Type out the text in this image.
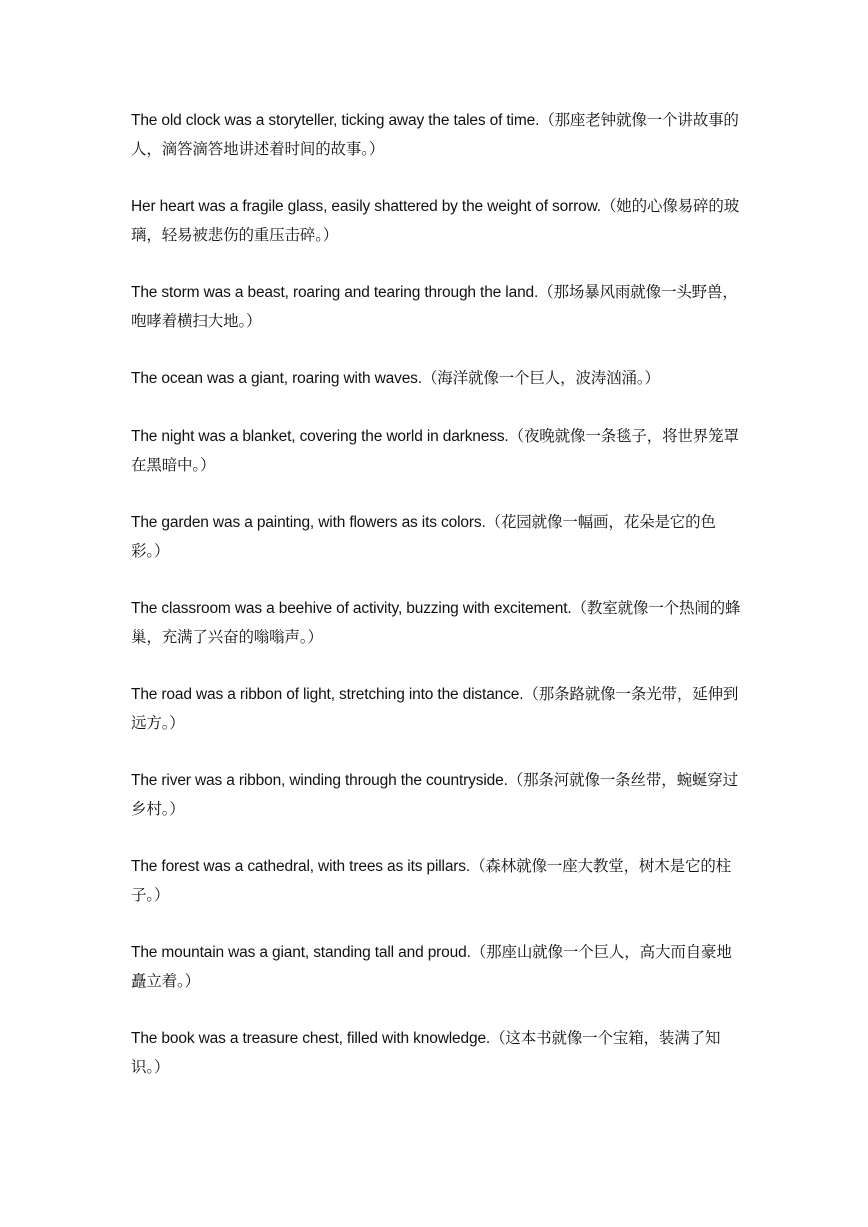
The old clock was a storyteller, ticking away the tales of time.（那座老钟就像一个讲故事的人，滴答滴答地讲述着时间的故事。）

Her heart was a fragile glass, easily shattered by the weight of sorrow.（她的心像易碎的玻璃，轻易被悲伤的重压击碎。）

The storm was a beast, roaring and tearing through the land.（那场暴风雨就像一头野兽，咆哮着横扫大地。）

The ocean was a giant, roaring with waves.（海洋就像一个巨人，波涛汹涌。）

The night was a blanket, covering the world in darkness.（夜晚就像一条毯子，将世界笼罩在黑暗中。）

The garden was a painting, with flowers as its colors.（花园就像一幅画，花朵是它的色彩。）

The classroom was a beehive of activity, buzzing with excitement.（教室就像一个热闹的蜂巢，充满了兴奋的嗡嗡声。）

The road was a ribbon of light, stretching into the distance.（那条路就像一条光带，延伸到远方。）

The river was a ribbon, winding through the countryside.（那条河就像一条丝带，蜿蜒穿过乡村。）

The forest was a cathedral, with trees as its pillars.（森林就像一座大教堂，树木是它的柱子。）

The mountain was a giant, standing tall and proud.（那座山就像一个巨人，高大而自豪地矗立着。）

The book was a treasure chest, filled with knowledge.（这本书就像一个宝箱，装满了知识。）
